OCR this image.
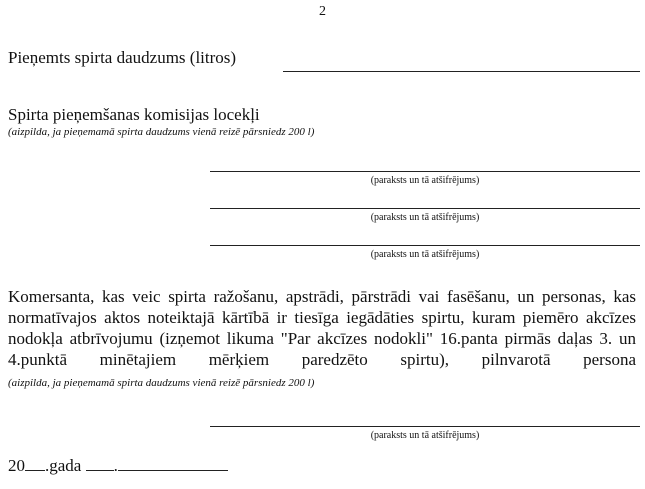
2
Pieņemts spirta daudzums (litros)
Spirta pieņemšanas komisijas locekļi
(aizpilda, ja pieņemamā spirta daudzums vienā reizē pārsniedz 200 l)
(paraksts un tā atšifrējums)
(paraksts un tā atšifrējums)
(paraksts un tā atšifrējums)
Komersanta, kas veic spirta ražošanu, apstrādi, pārstrādi vai fasēšanu, un personas, kas normatīvajos aktos noteiktajā kārtībā ir tiesīga iegādāties spirtu, kuram piemēro akcīzes nodokļa atbrīvojumu (izņemot likuma "Par akcīzes nodokli" 16.panta pirmās daļas 3. un 4.punktā minētajiem mērķiem paredzēto spirtu), pilnvarotā persona (aizpilda, ja pieņemamā spirta daudzums vienā reizē pārsniedz 200 l)
(paraksts un tā atšifrējums)
20 .gada .
